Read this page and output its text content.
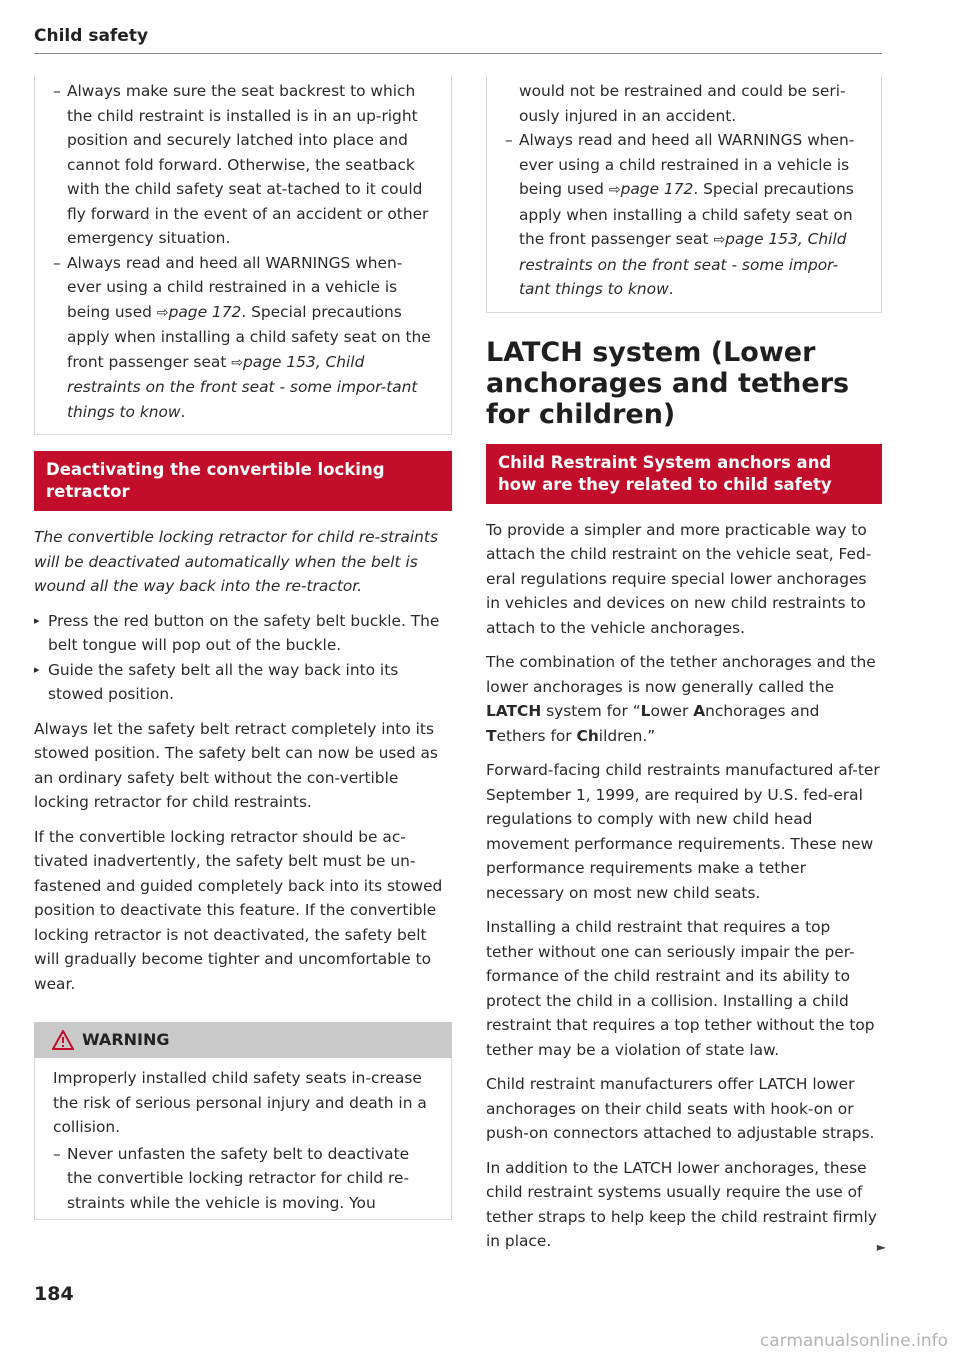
Child safety
– Always make sure the seat backrest to which the child restraint is installed is in an up-right position and securely latched into place and cannot fold forward. Otherwise, the seatback with the child safety seat at-tached to it could fly forward in the event of an accident or other emergency situation.
– Always read and heed all WARNINGS when-ever using a child restrained in a vehicle is being used ⇨page 172. Special precautions apply when installing a child safety seat on the front passenger seat ⇨page 153, Child restraints on the front seat - some impor-tant things to know.
Deactivating the convertible locking retractor

The convertible locking retractor for child re-straints will be deactivated automatically when the belt is wound all the way back into the re-tractor.

▸ Press the red button on the safety belt buckle. The belt tongue will pop out of the buckle.
▸ Guide the safety belt all the way back into its stowed position.

Always let the safety belt retract completely into its stowed position. The safety belt can now be used as an ordinary safety belt without the con-vertible locking retractor for child restraints.

If the convertible locking retractor should be ac-tivated inadvertently, the safety belt must be un-fastened and guided completely back into its stowed position to deactivate this feature. If the convertible locking retractor is not deactivated, the safety belt will gradually become tighter and uncomfortable to wear.

WARNING

Improperly installed child safety seats in-crease the risk of serious personal injury and death in a collision.

– Never unfasten the safety belt to deactivate the convertible locking retractor for child re-straints while the vehicle is moving. You

would not be restrained and could be seri-ously injured in an accident.

– Always read and heed all WARNINGS when-ever using a child restrained in a vehicle is being used ⇨page 172. Special precautions apply when installing a child safety seat on the front passenger seat ⇨page 153, Child restraints on the front seat - some impor-tant things to know.
LATCH system (Lower anchorages and tethers for children)
Child Restraint System anchors and how are they related to child safety

To provide a simpler and more practicable way to attach the child restraint on the vehicle seat, Fed-eral regulations require special lower anchorages in vehicles and devices on new child restraints to attach to the vehicle anchorages.

The combination of the tether anchorages and the lower anchorages is now generally called the LATCH system for “Lower Anchorages and Tethers for Children.”

Forward-facing child restraints manufactured af-ter September 1, 1999, are required by U.S. fed-eral regulations to comply with new child head movement performance requirements. These new performance requirements make a tether necessary on most new child seats.

Installing a child restraint that requires a top tether without one can seriously impair the per-formance of the child restraint and its ability to protect the child in a collision. Installing a child restraint that requires a top tether without the top tether may be a violation of state law.

Child restraint manufacturers offer LATCH lower anchorages on their child seats with hook-on or push-on connectors attached to adjustable straps.

In addition to the LATCH lower anchorages, these child restraint systems usually require the use of tether straps to help keep the child restraint firmly in place.	►
184
carmanualsonline.info
